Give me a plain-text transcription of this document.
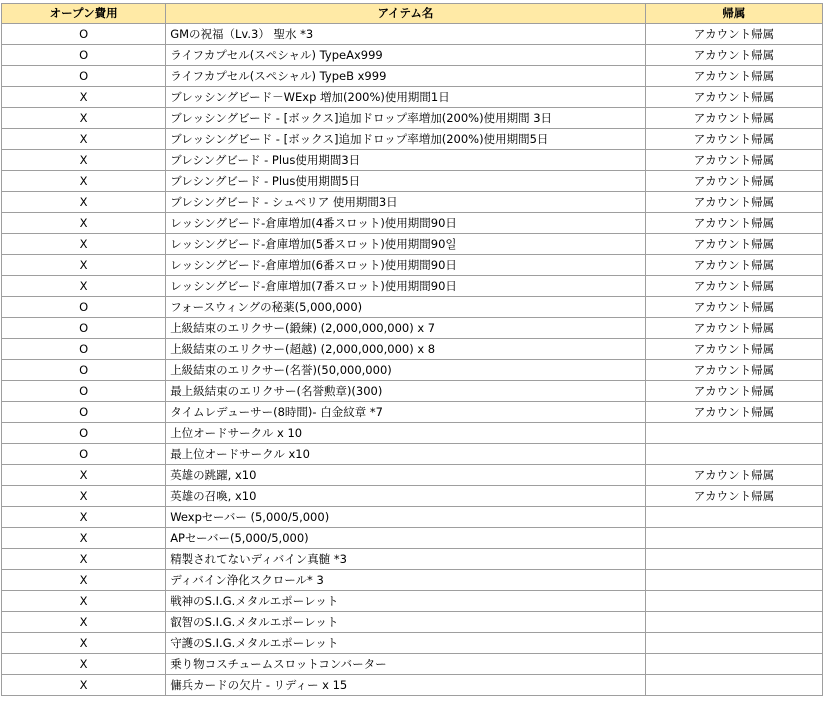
オープン費用	アイテム名	帰属
O	GMの祝福（Lv.3） 聖水 *3	アカウント帰属
O	ライフカプセル(スペシャル) TypeAx999	アカウント帰属
O	ライフカプセル(スペシャル) TypeB x999	アカウント帰属
X	ブレッシングビード－WExp 増加(200%)使用期間1日	アカウント帰属
X	ブレッシングビード - [ボックス]追加ドロップ率増加(200%)使用期間 3日	アカウント帰属
X	ブレッシングビード - [ボックス]追加ドロップ率増加(200%)使用期間5日	アカウント帰属
X	ブレシングビード - Plus使用期間3日	アカウント帰属
X	ブレシングビード - Plus使用期間5日	アカウント帰属
X	ブレシングビード - シュペリア 使用期間3日	アカウント帰属
X	レッシングビード-倉庫増加(4番スロット)使用期間90日	アカウント帰属
X	レッシングビード-倉庫増加(5番スロット)使用期間90일	アカウント帰属
X	レッシングビード-倉庫増加(6番スロット)使用期間90日	アカウント帰属
X	レッシングビード-倉庫増加(7番スロット)使用期間90日	アカウント帰属
O	フォースウィングの秘薬(5,000,000)	アカウント帰属
O	上級結束のエリクサー(鍛練) (2,000,000,000) x 7	アカウント帰属
O	上級結束のエリクサー(超越) (2,000,000,000) x 8	アカウント帰属
O	上級結束のエリクサー(名誉)(50,000,000)	アカウント帰属
O	最上級結束のエリクサー(名誉勲章)(300)	アカウント帰属
O	タイムレデューサー(8時間)- 白金紋章 *7	アカウント帰属
O	上位オードサークル x 10	
O	最上位オードサークル x10	
X	英雄の跳躍, x10	アカウント帰属
X	英雄の召喚, x10	アカウント帰属
X	Wexpセーバー (5,000/5,000)	
X	APセーバー(5,000/5,000)	
X	精製されてないディバイン真髄 *3	
X	ディバイン浄化スクロール* 3	
X	戦神のS.I.G.メタルエポーレット	
X	叡智のS.I.G.メタルエポーレット	
X	守護のS.I.G.メタルエポーレット	
X	乗り物コスチュームスロットコンバーター	
X	傭兵カードの欠片 - リディー x 15	
